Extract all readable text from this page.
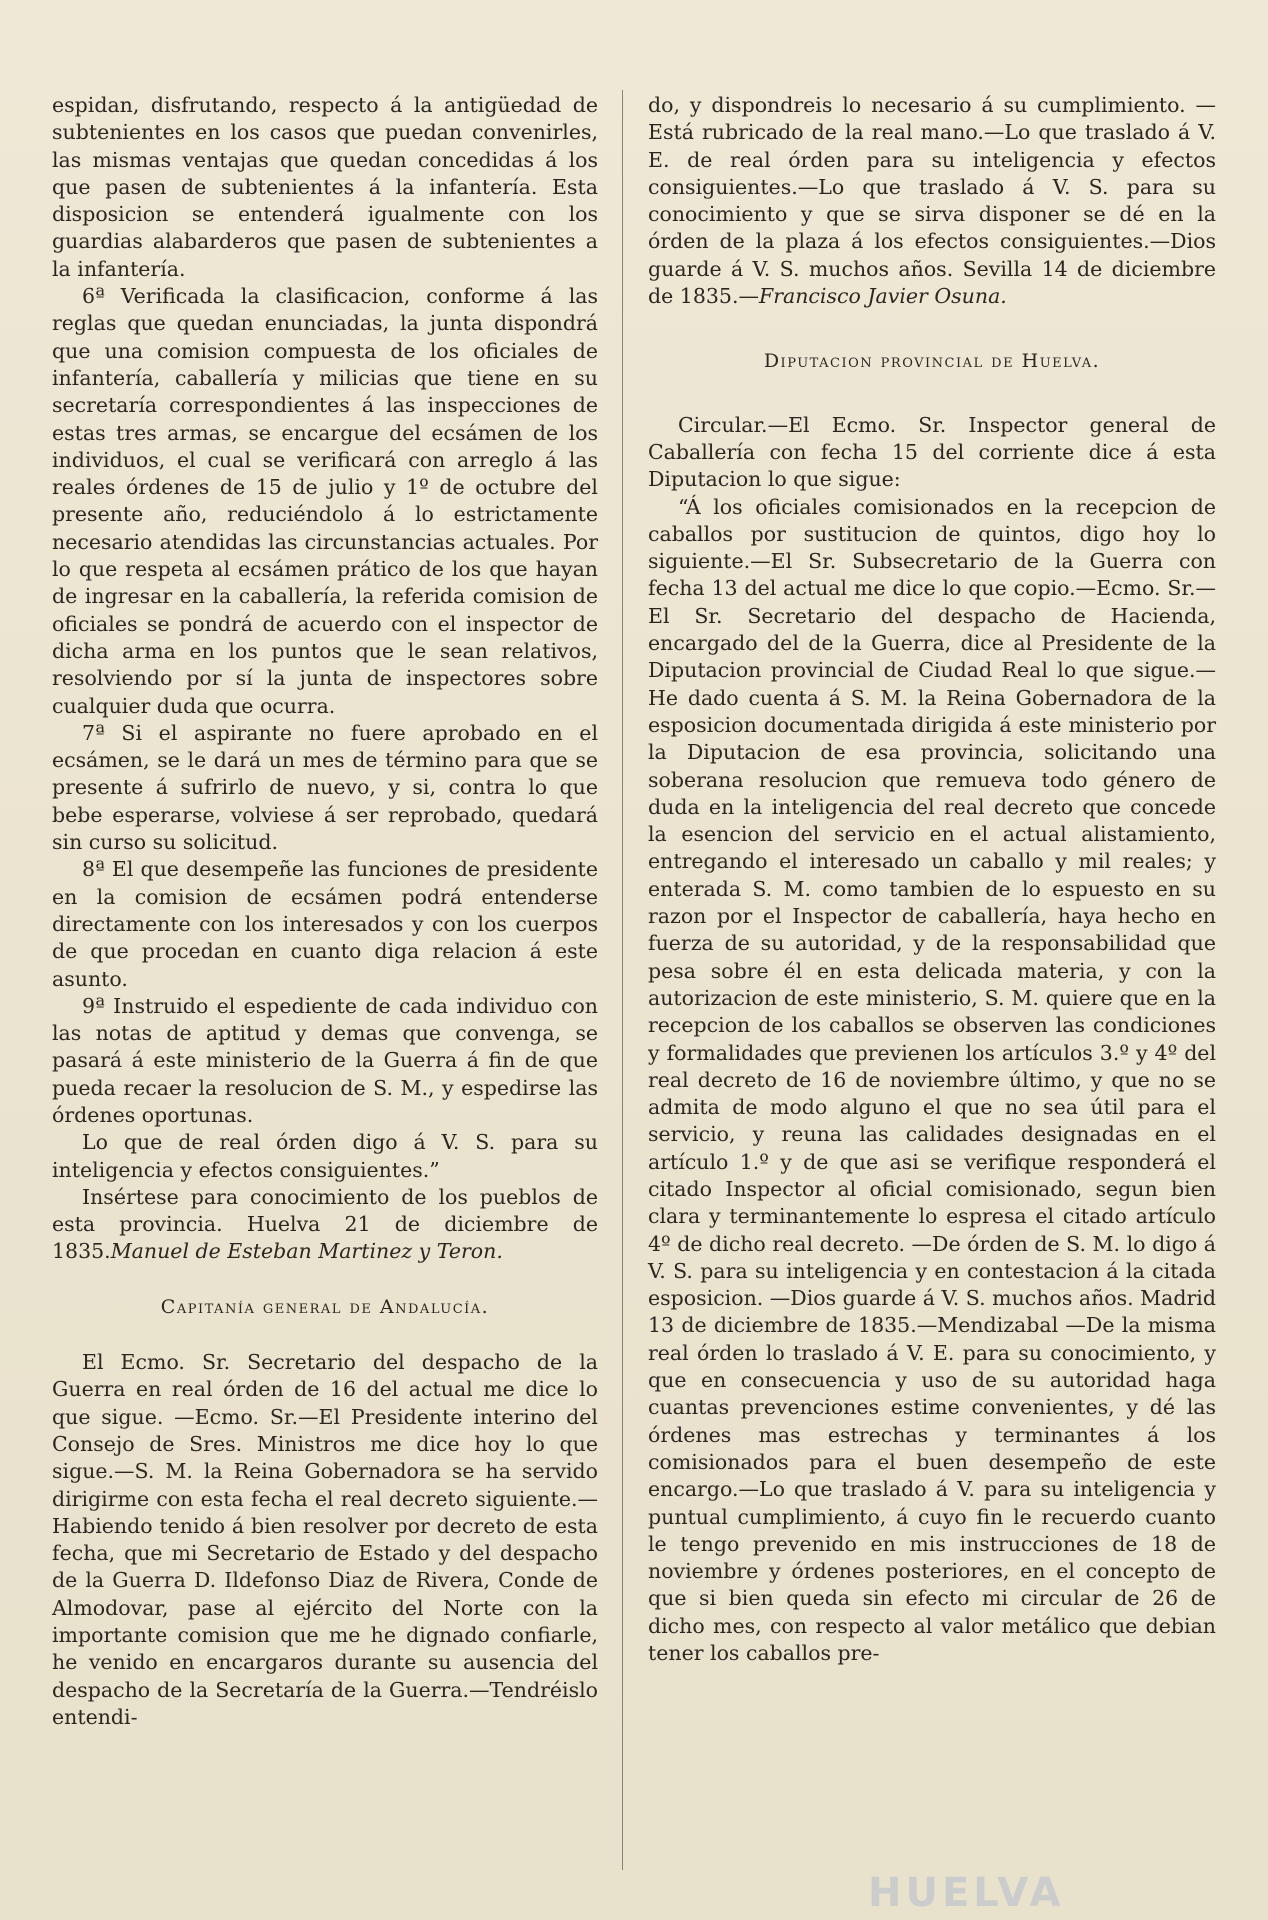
espidan, disfrutando, respecto á la antigüedad de subtenientes en los casos que puedan convenirles, las mismas ventajas que quedan concedidas á los que pasen de subtenientes á la infantería. Esta disposicion se entenderá igualmente con los guardias alabarderos que pasen de subtenientes a la infantería.

6ª Verificada la clasificacion, conforme á las reglas que quedan enunciadas, la junta dispondrá que una comision compuesta de los oficiales de infantería, caballería y milicias que tiene en su secretaría correspondientes á las inspecciones de estas tres armas, se encargue del ecsámen de los individuos, el cual se verificará con arreglo á las reales órdenes de 15 de julio y 1º de octubre del presente año, reduciéndolo á lo estrictamente necesario atendidas las circunstancias actuales. Por lo que respeta al ecsámen prático de los que hayan de ingresar en la caballería, la referida comision de oficiales se pondrá de acuerdo con el inspector de dicha arma en los puntos que le sean relativos, resolviendo por sí la junta de inspectores sobre cualquier duda que ocurra.

7ª Si el aspirante no fuere aprobado en el ecsámen, se le dará un mes de término para que se presente á sufrirlo de nuevo, y si, contra lo que bebe esperarse, volviese á ser reprobado, quedará sin curso su solicitud.

8ª El que desempeñe las funciones de presidente en la comision de ecsámen podrá entenderse directamente con los interesados y con los cuerpos de que procedan en cuanto diga relacion á este asunto.

9ª Instruido el espediente de cada individuo con las notas de aptitud y demas que convenga, se pasará á este ministerio de la Guerra á fin de que pueda recaer la resolucion de S. M., y espedirse las órdenes oportunas.

Lo que de real órden digo á V. S. para su inteligencia y efectos consiguientes.”

Insértese para conocimiento de los pueblos de esta provincia. Huelva 21 de diciembre de 1835.Manuel de Esteban Martinez y Teron.

Capitanía general de Andalucía.

El Ecmo. Sr. Secretario del despacho de la Guerra en real órden de 16 del actual me dice lo que sigue. —Ecmo. Sr.—El Presidente interino del Consejo de Sres. Ministros me dice hoy lo que sigue.—S. M. la Reina Gobernadora se ha servido dirigirme con esta fecha el real decreto siguiente.—Habiendo tenido á bien resolver por decreto de esta fecha, que mi Secretario de Estado y del despacho de la Guerra D. Ildefonso Diaz de Rivera, Conde de Almodovar, pase al ejército del Norte con la importante comision que me he dignado confiarle, he venido en encargaros durante su ausencia del despacho de la Secretaría de la Guerra.—Tendréislo entendi-

do, y dispondreis lo necesario á su cumplimiento. —Está rubricado de la real mano.—Lo que traslado á V. E. de real órden para su inteligencia y efectos consiguientes.—Lo que traslado á V. S. para su conocimiento y que se sirva disponer se dé en la órden de la plaza á los efectos consiguientes.—Dios guarde á V. S. muchos años. Sevilla 14 de diciembre de 1835.—Francisco Javier Osuna.

Diputacion provincial de Huelva.

Circular.—El Ecmo. Sr. Inspector general de Caballería con fecha 15 del corriente dice á esta Diputacion lo que sigue:

“Á los oficiales comisionados en la recepcion de caballos por sustitucion de quintos, digo hoy lo siguiente.—El Sr. Subsecretario de la Guerra con fecha 13 del actual me dice lo que copio.—Ecmo. Sr.—El Sr. Secretario del despacho de Hacienda, encargado del de la Guerra, dice al Presidente de la Diputacion provincial de Ciudad Real lo que sigue.—He dado cuenta á S. M. la Reina Gobernadora de la esposicion documentada dirigida á este ministerio por la Diputacion de esa provincia, solicitando una soberana resolucion que remueva todo género de duda en la inteligencia del real decreto que concede la esencion del servicio en el actual alistamiento, entregando el interesado un caballo y mil reales; y enterada S. M. como tambien de lo espuesto en su razon por el Inspector de caballería, haya hecho en fuerza de su autoridad, y de la responsabilidad que pesa sobre él en esta delicada materia, y con la autorizacion de este ministerio, S. M. quiere que en la recepcion de los caballos se observen las condiciones y formalidades que previenen los artículos 3.º y 4º del real decreto de 16 de noviembre último, y que no se admita de modo alguno el que no sea útil para el servicio, y reuna las calidades designadas en el artículo 1.º y de que asi se verifique responderá el citado Inspector al oficial comisionado, segun bien clara y terminantemente lo espresa el citado artículo 4º de dicho real decreto. —De órden de S. M. lo digo á V. S. para su inteligencia y en contestacion á la citada esposicion. —Dios guarde á V. S. muchos años. Madrid 13 de diciembre de 1835.—Mendizabal —De la misma real órden lo traslado á V. E. para su conocimiento, y que en consecuencia y uso de su autoridad haga cuantas prevenciones estime convenientes, y dé las órdenes mas estrechas y terminantes á los comisionados para el buen desempeño de este encargo.—Lo que traslado á V. para su inteligencia y puntual cumplimiento, á cuyo fin le recuerdo cuanto le tengo prevenido en mis instrucciones de 18 de noviembre y órdenes posteriores, en el concepto de que si bien queda sin efecto mi circular de 26 de dicho mes, con respecto al valor metálico que debian tener los caballos pre-

HUELVA
